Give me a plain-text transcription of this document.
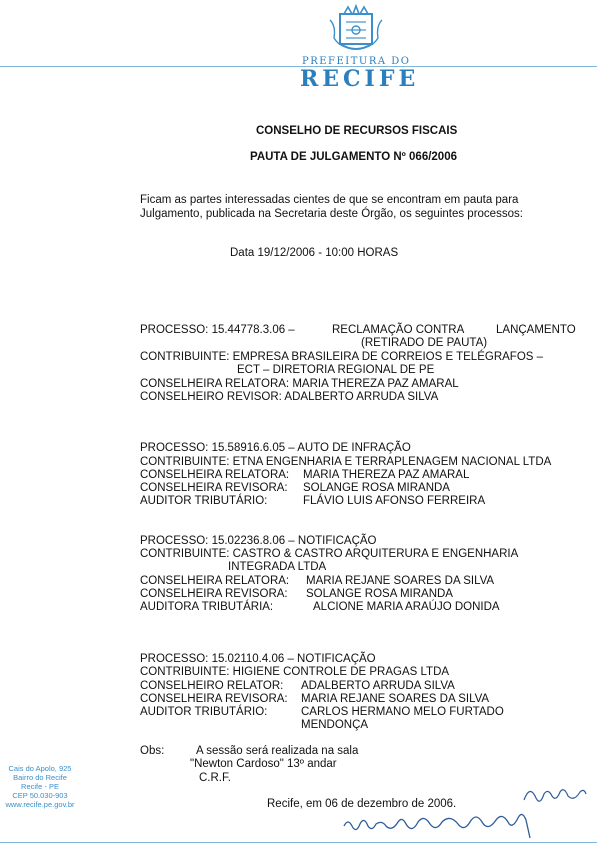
PREFEITURA DO
RECIFE
CONSELHO DE RECURSOS FISCAIS
PAUTA DE JULGAMENTO Nº 066/2006
Ficam as partes interessadas cientes de que se encontram em pauta para
Julgamento, publicada na Secretaria deste Órgão, os seguintes processos:
Data 19/12/2006 - 10:00 HORAS
PROCESSO: 15.44778.3.06 –	RECLAMAÇÃO CONTRA	LANÇAMENTO
(RETIRADO DE PAUTA)
CONTRIBUINTE: EMPRESA BRASILEIRA DE CORREIOS E TELÉGRAFOS –
ECT – DIRETORIA REGIONAL DE PE
CONSELHEIRA RELATORA: MARIA THEREZA PAZ AMARAL
CONSELHEIRO REVISOR: ADALBERTO ARRUDA SILVA
PROCESSO: 15.58916.6.05 – AUTO DE INFRAÇÃO
CONTRIBUINTE: ETNA ENGENHARIA E TERRAPLENAGEM NACIONAL LTDA
CONSELHEIRA RELATORA: MARIA THEREZA PAZ AMARAL
CONSELHEIRA REVISORA: SOLANGE ROSA MIRANDA
AUDITOR TRIBUTÁRIO:	FLÁVIO LUIS AFONSO FERREIRA
PROCESSO: 15.02236.8.06 – NOTIFICAÇÃO
CONTRIBUINTE: CASTRO & CASTRO ARQUITERURA E ENGENHARIA
INTEGRADA LTDA
CONSELHEIRA RELATORA: MARIA REJANE SOARES DA SILVA
CONSELHEIRA REVISORA: SOLANGE ROSA MIRANDA
AUDITORA TRIBUTÁRIA:	ALCIONE MARIA ARAÚJO DONIDA
PROCESSO: 15.02110.4.06 – NOTIFICAÇÃO
CONTRIBUINTE: HIGIENE CONTROLE DE PRAGAS LTDA
CONSELHEIRO RELATOR: ADALBERTO ARRUDA SILVA
CONSELHEIRA REVISORA: MARIA REJANE SOARES DA SILVA
AUDITOR TRIBUTÁRIO:	CARLOS HERMANO MELO FURTADO
MENDONÇA
Obs:	A sessão será realizada na sala
"Newton Cardoso" 13º andar
C.R.F.
Recife, em 06 de dezembro de 2006.
Cais do Apolo, 925
Bairro do Recife
Recife - PE
CEP 50.030-903
www.recife.pe.gov.br
